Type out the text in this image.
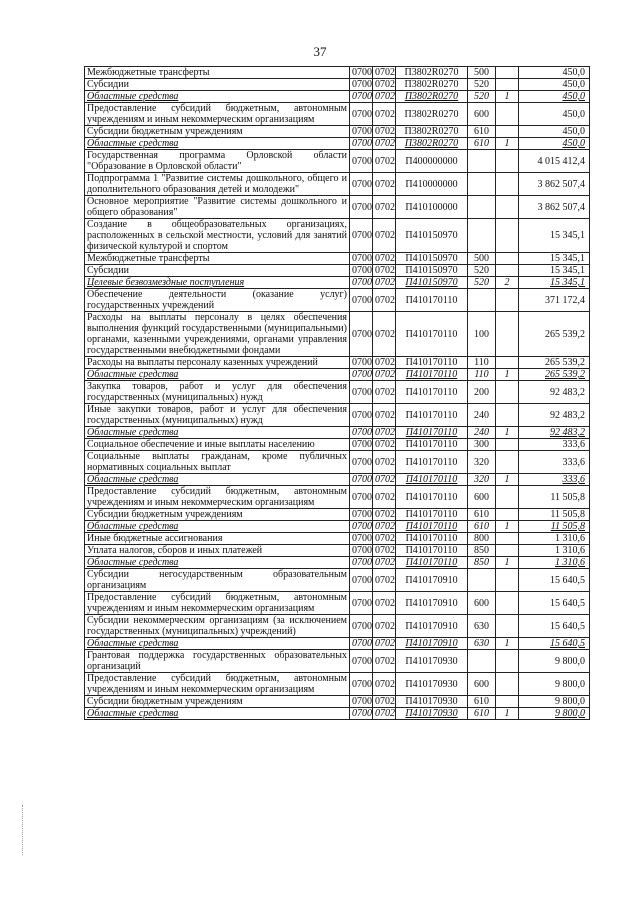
37
Межбюджетные трансферты	0700	0702	П3802R0270	500		450,0
Субсидии	0700	0702	П3802R0270	520		450,0
Областные средства	0700	0702	П3802R0270	520	1	450,0
Предоставление субсидий бюджетным, автономным учреждениям и иным некоммерческим организациям	0700	0702	П3802R0270	600		450,0
Субсидии бюджетным учреждениям	0700	0702	П3802R0270	610		450,0
Областные средства	0700	0702	П3802R0270	610	1	450,0
Государственная программа Орловской области "Образование в Орловской области"	0700	0702	П400000000			4 015 412,4
Подпрограмма 1 "Развитие системы дошкольного, общего и дополнительного образования детей и молодежи"	0700	0702	П410000000			3 862 507,4
Основное мероприятие "Развитие системы дошкольного и общего образования"	0700	0702	П410100000			3 862 507,4
Создание в общеобразовательных организациях, расположенных в сельской местности, условий для занятий физической культурой и спортом	0700	0702	П410150970			15 345,1
Межбюджетные трансферты	0700	0702	П410150970	500		15 345,1
Субсидии	0700	0702	П410150970	520		15 345,1
Целевые безвозмездные поступления	0700	0702	П410150970	520	2	15 345,1
Обеспечение деятельности (оказание услуг) государственных учреждений	0700	0702	П410170110			371 172,4
Расходы на выплаты персоналу в целях обеспечения выполнения функций государственными (муниципальными) органами, казенными учреждениями, органами управления государственными внебюджетными фондами	0700	0702	П410170110	100		265 539,2
Расходы на выплаты персоналу казенных учреждений	0700	0702	П410170110	110		265 539,2
Областные средства	0700	0702	П410170110	110	1	265 539,2
Закупка товаров, работ и услуг для обеспечения государственных (муниципальных) нужд	0700	0702	П410170110	200		92 483,2
Иные закупки товаров, работ и услуг для обеспечения государственных (муниципальных) нужд	0700	0702	П410170110	240		92 483,2
Областные средства	0700	0702	П410170110	240	1	92 483,2
Социальное обеспечение и иные выплаты населению	0700	0702	П410170110	300		333,6
Социальные выплаты гражданам, кроме публичных нормативных социальных выплат	0700	0702	П410170110	320		333,6
Областные средства	0700	0702	П410170110	320	1	333,6
Предоставление субсидий бюджетным, автономным учреждениям и иным некоммерческим организациям	0700	0702	П410170110	600		11 505,8
Субсидии бюджетным учреждениям	0700	0702	П410170110	610		11 505,8
Областные средства	0700	0702	П410170110	610	1	11 505,8
Иные бюджетные ассигнования	0700	0702	П410170110	800		1 310,6
Уплата налогов, сборов и иных платежей	0700	0702	П410170110	850		1 310,6
Областные средства	0700	0702	П410170110	850	1	1 310,6
Субсидии негосударственным образовательным организациям	0700	0702	П410170910			15 640,5
Предоставление субсидий бюджетным, автономным учреждениям и иным некоммерческим организациям	0700	0702	П410170910	600		15 640,5
Субсидии некоммерческим организациям (за исключением государственных (муниципальных) учреждений)	0700	0702	П410170910	630		15 640,5
Областные средства	0700	0702	П410170910	630	1	15 640,5
Грантовая поддержка государственных образовательных организаций	0700	0702	П410170930			9 800,0
Предоставление субсидий бюджетным, автономным учреждениям и иным некоммерческим организациям	0700	0702	П410170930	600		9 800,0
Субсидии бюджетным учреждениям	0700	0702	П410170930	610		9 800,0
Областные средства	0700	0702	П410170930	610	1	9 800,0
